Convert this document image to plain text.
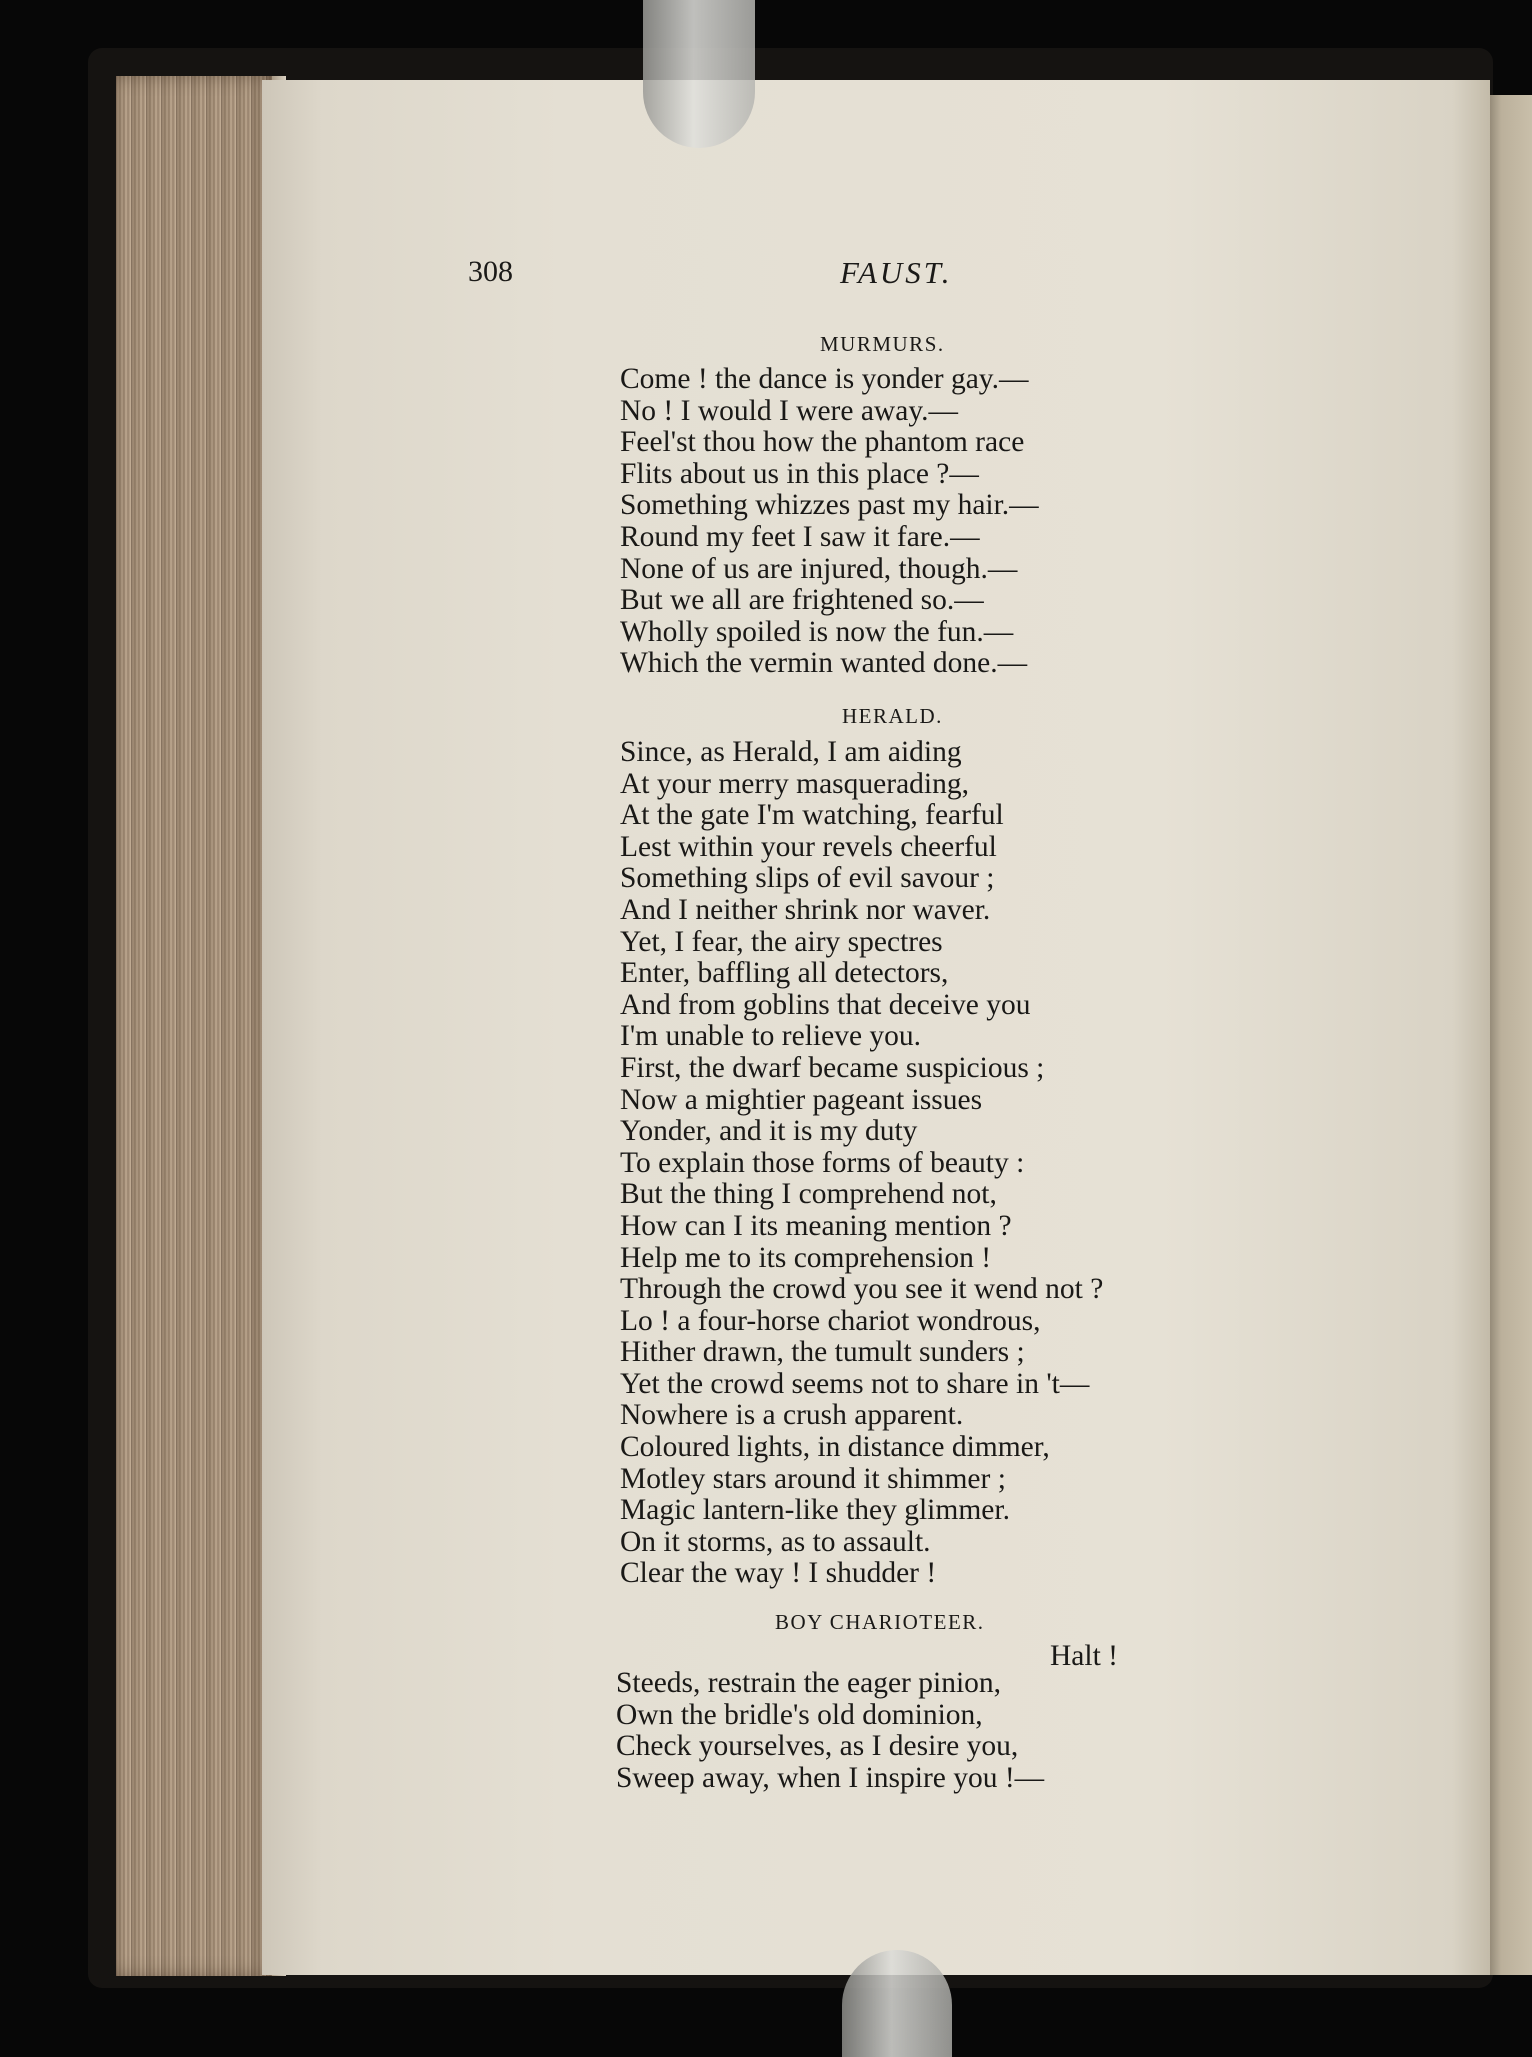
308	FAUST.
MURMURS.
Come ! the dance is yonder gay.—
No ! I would I were away.—
Feel'st thou how the phantom race
Flits about us in this place ?—
Something whizzes past my hair.—
Round my feet I saw it fare.—
None of us are injured, though.—
But we all are frightened so.—
Wholly spoiled is now the fun.—
Which the vermin wanted done.—
HERALD.
Since, as Herald, I am aiding
At your merry masquerading,
At the gate I'm watching, fearful
Lest within your revels cheerful
Something slips of evil savour ;
And I neither shrink nor waver.
Yet, I fear, the airy spectres
Enter, baffling all detectors,
And from goblins that deceive you
I'm unable to relieve you.
First, the dwarf became suspicious ;
Now a mightier pageant issues
Yonder, and it is my duty
To explain those forms of beauty :
But the thing I comprehend not,
How can I its meaning mention ?
Help me to its comprehension !
Through the crowd you see it wend not ?
Lo ! a four-horse chariot wondrous,
Hither drawn, the tumult sunders ;
Yet the crowd seems not to share in 't—
Nowhere is a crush apparent.
Coloured lights, in distance dimmer,
Motley stars around it shimmer ;
Magic lantern-like they glimmer.
On it storms, as to assault.
Clear the way ! I shudder !
BOY CHARIOTEER.
Halt !
Steeds, restrain the eager pinion,
Own the bridle's old dominion,
Check yourselves, as I desire you,
Sweep away, when I inspire you !—
